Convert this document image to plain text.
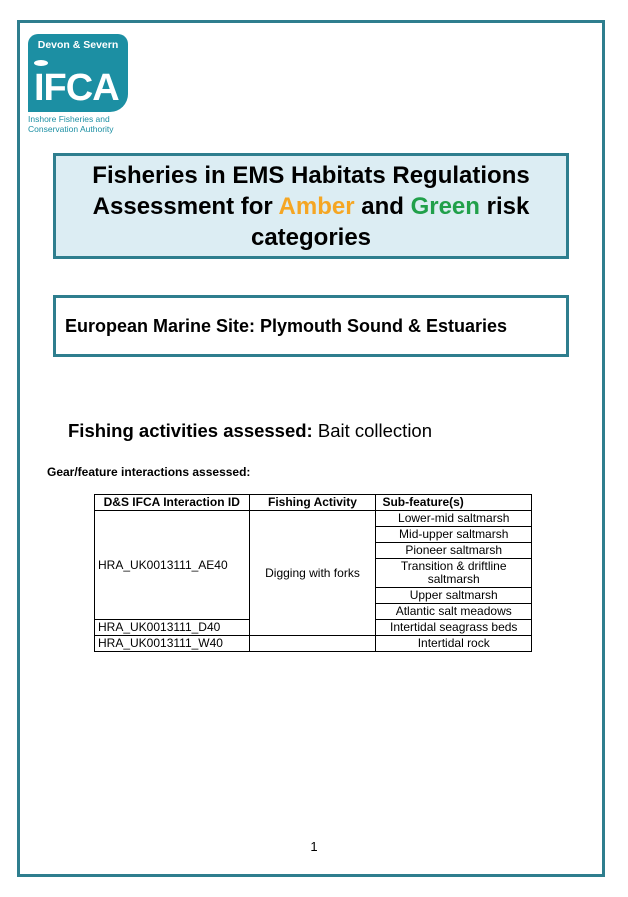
Devon & Severn
IFCA
Inshore Fisheries and
Conservation Authority
Fisheries in EMS Habitats Regulations Assessment for Amber and Green risk categories
European Marine Site: Plymouth Sound & Estuaries
Fishing activities assessed: Bait collection
Gear/feature interactions assessed:
D&S IFCA Interaction ID	Fishing Activity	Sub-feature(s)
HRA_UK0013111_AE40	Digging with forks	Lower-mid saltmarsh
		Mid-upper saltmarsh
		Pioneer saltmarsh
		Transition & driftline saltmarsh
		Upper saltmarsh
		Atlantic salt meadows
HRA_UK0013111_D40		Intertidal seagrass beds
HRA_UK0013111_W40		Intertidal rock
1
